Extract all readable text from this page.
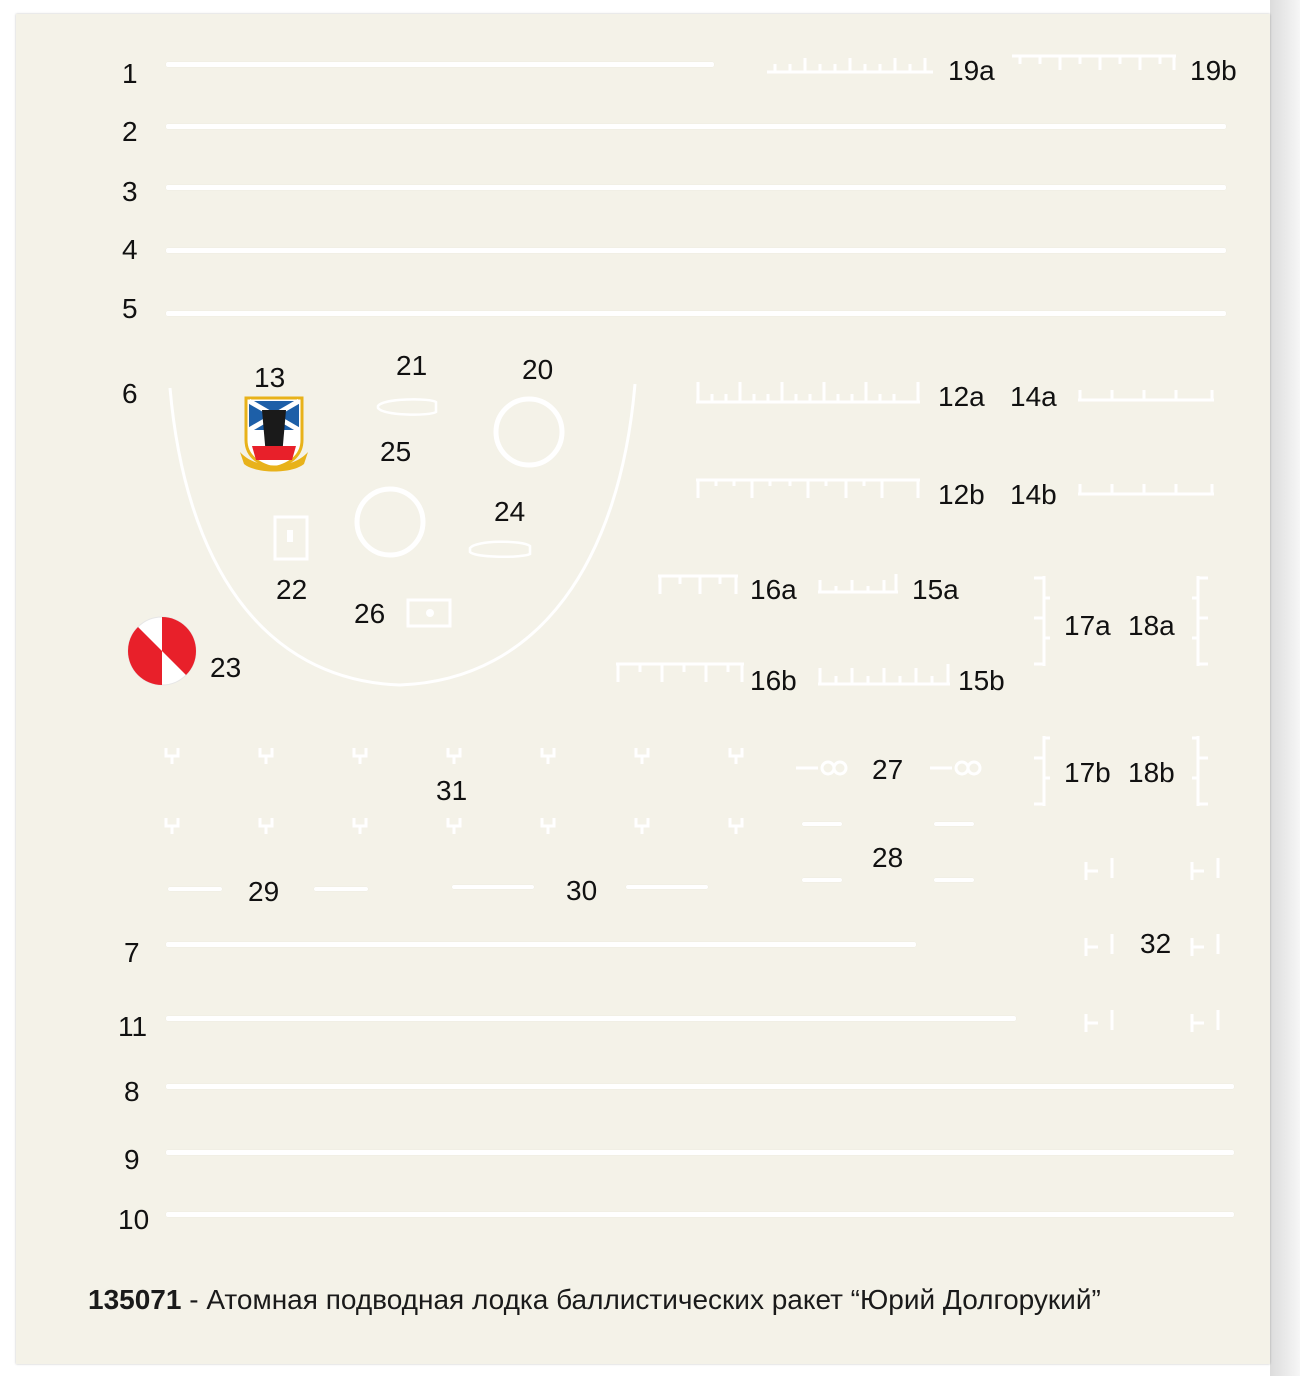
1
2
3
4
5
6
7
11
8
9
10
19a	19b
13	21	20
12a 14a
25
12b 14b
24
22	16a	15a
26	17a 18a
23	16b	15b
27	17b 18b
31
28
29	30
32
135071 - Атомная подводная лодка баллистических ракет “Юрий Долгорукий”
